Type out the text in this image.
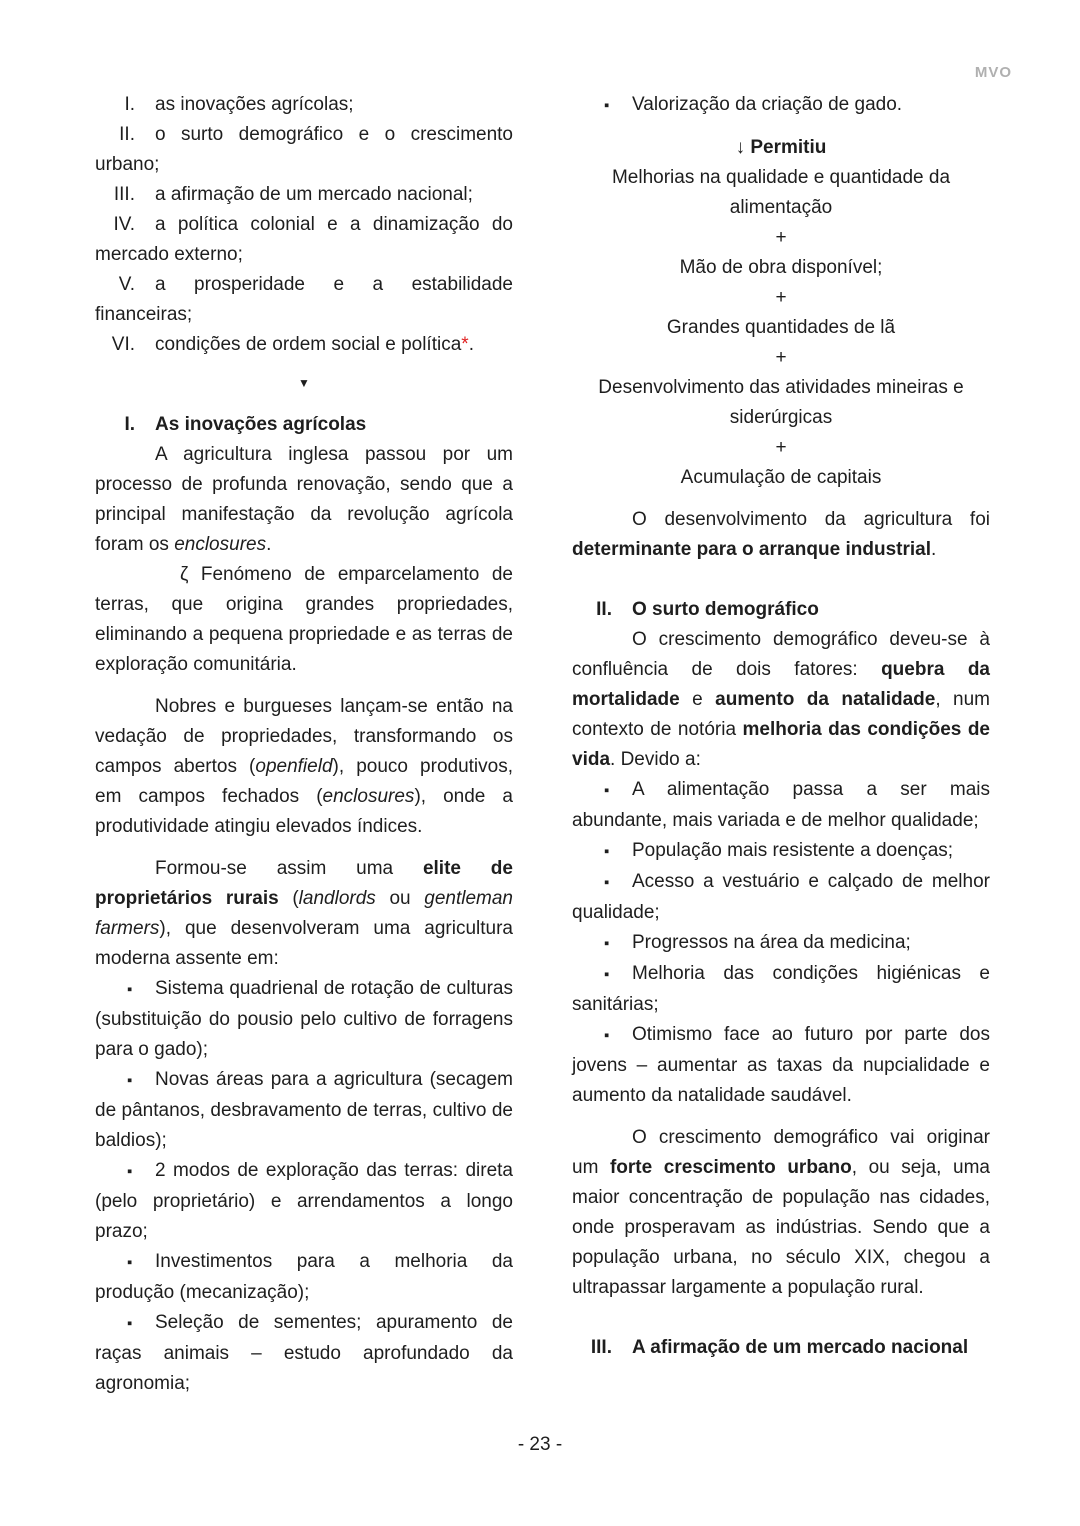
MVO
I. as inovações agrícolas;
II. o surto demográfico e o crescimento urbano;
III. a afirmação de um mercado nacional;
IV. a política colonial e a dinamização do mercado externo;
V. a prosperidade e a estabilidade financeiras;
VI. condições de ordem social e política*.
▼
I. As inovações agrícolas
A agricultura inglesa passou por um processo de profunda renovação, sendo que a principal manifestação da revolução agrícola foram os enclosures.
ζ Fenómeno de emparcelamento de terras, que origina grandes propriedades, eliminando a pequena propriedade e as terras de exploração comunitária.
Nobres e burgueses lançam-se então na vedação de propriedades, transformando os campos abertos (openfield), pouco produtivos, em campos fechados (enclosures), onde a produtividade atingiu elevados índices.
Formou-se assim uma elite de proprietários rurais (landlords ou gentleman farmers), que desenvolveram uma agricultura moderna assente em:
▪ Sistema quadrienal de rotação de culturas (substituição do pousio pelo cultivo de forragens para o gado);
▪ Novas áreas para a agricultura (secagem de pântanos, desbravamento de terras, cultivo de baldios);
▪ 2 modos de exploração das terras: direta (pelo proprietário) e arrendamentos a longo prazo;
▪ Investimentos para a melhoria da produção (mecanização);
▪ Seleção de sementes; apuramento de raças animais – estudo aprofundado da agronomia;
▪ Valorização da criação de gado.
↓ Permitiu
Melhorias na qualidade e quantidade da alimentação
+
Mão de obra disponível;
+
Grandes quantidades de lã
+
Desenvolvimento das atividades mineiras e siderúrgicas
+
Acumulação de capitais
O desenvolvimento da agricultura foi determinante para o arranque industrial.
II. O surto demográfico
O crescimento demográfico deveu-se à confluência de dois fatores: quebra da mortalidade e aumento da natalidade, num contexto de notória melhoria das condições de vida. Devido a:
▪ A alimentação passa a ser mais abundante, mais variada e de melhor qualidade;
▪ População mais resistente a doenças;
▪ Acesso a vestuário e calçado de melhor qualidade;
▪ Progressos na área da medicina;
▪ Melhoria das condições higiénicas e sanitárias;
▪ Otimismo face ao futuro por parte dos jovens – aumentar as taxas da nupcialidade e aumento da natalidade saudável.
O crescimento demográfico vai originar um forte crescimento urbano, ou seja, uma maior concentração de população nas cidades, onde prosperavam as indústrias. Sendo que a população urbana, no século XIX, chegou a ultrapassar largamente a população rural.
III. A afirmação de um mercado nacional
- 23 -
